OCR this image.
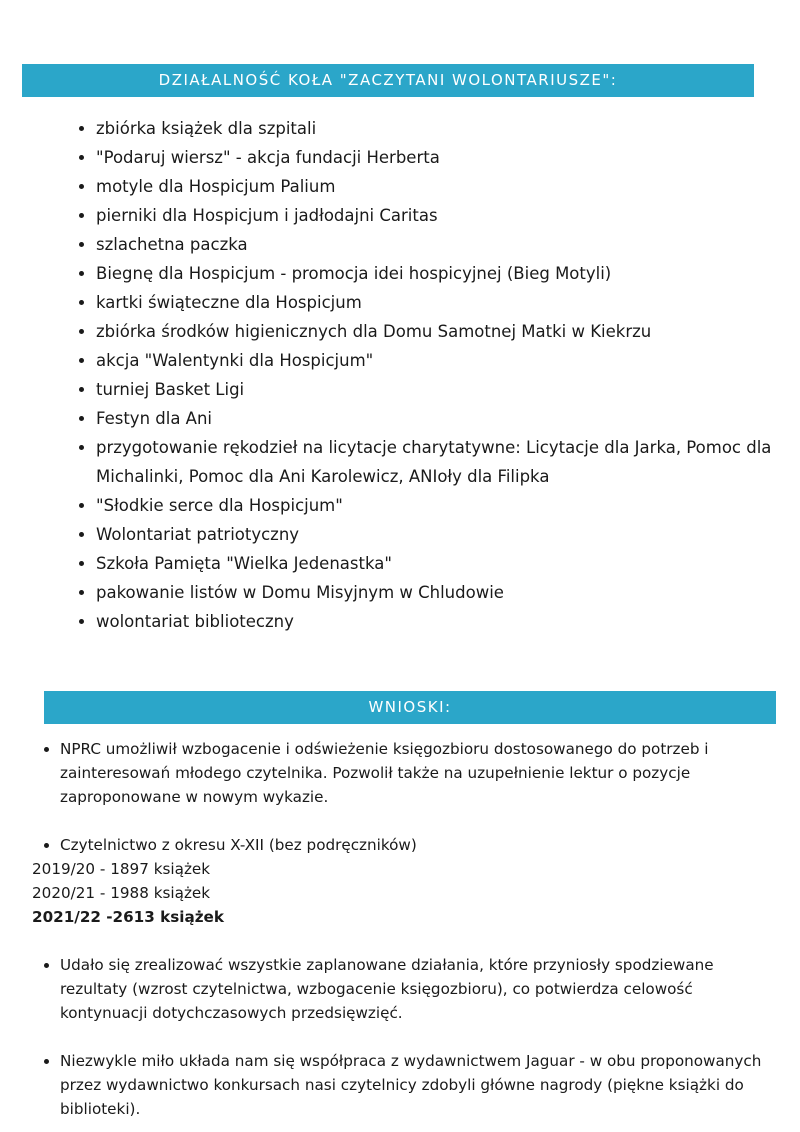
DZIAŁALNOŚĆ KOŁA "ZACZYTANI WOLONTARIUSZE":
• zbiórka książek dla szpitali
• "Podaruj wiersz" - akcja fundacji Herberta
• motyle dla Hospicjum Palium
• pierniki dla Hospicjum i jadłodajni Caritas
• szlachetna paczka
• Biegnę dla Hospicjum - promocja idei hospicyjnej (Bieg Motyli)
• kartki świąteczne dla Hospicjum
• zbiórka środków higienicznych dla Domu Samotnej Matki w Kiekrzu
• akcja "Walentynki dla Hospicjum"
• turniej Basket Ligi
• Festyn dla Ani
• przygotowanie rękodzieł na licytacje charytatywne: Licytacje dla Jarka, Pomoc dla Michalinki, Pomoc dla Ani Karolewicz, ANIoły dla Filipka
• "Słodkie serce dla Hospicjum"
• Wolontariat patriotyczny
• Szkoła Pamięta "Wielka Jedenastka"
• pakowanie listów w Domu Misyjnym w Chludowie
• wolontariat biblioteczny
WNIOSKI:
• NPRC umożliwił wzbogacenie i odświeżenie księgozbioru dostosowanego do potrzeb i zainteresowań młodego czytelnika. Pozwolił także na uzupełnienie lektur o pozycje zaproponowane w nowym wykazie.
• Czytelnictwo z okresu X-XII (bez podręczników)
2019/20 - 1897 książek
2020/21 - 1988 książek
2021/22 -2613 książek
• Udało się zrealizować wszystkie zaplanowane działania, które przyniosły spodziewane rezultaty (wzrost czytelnictwa, wzbogacenie księgozbioru), co potwierdza celowość kontynuacji dotychczasowych przedsięwzięć.
• Niezwykle miło układa nam się współpraca z wydawnictwem Jaguar - w obu proponowanych przez wydawnictwo konkursach nasi czytelnicy zdobyli główne nagrody (piękne książki do biblioteki).
